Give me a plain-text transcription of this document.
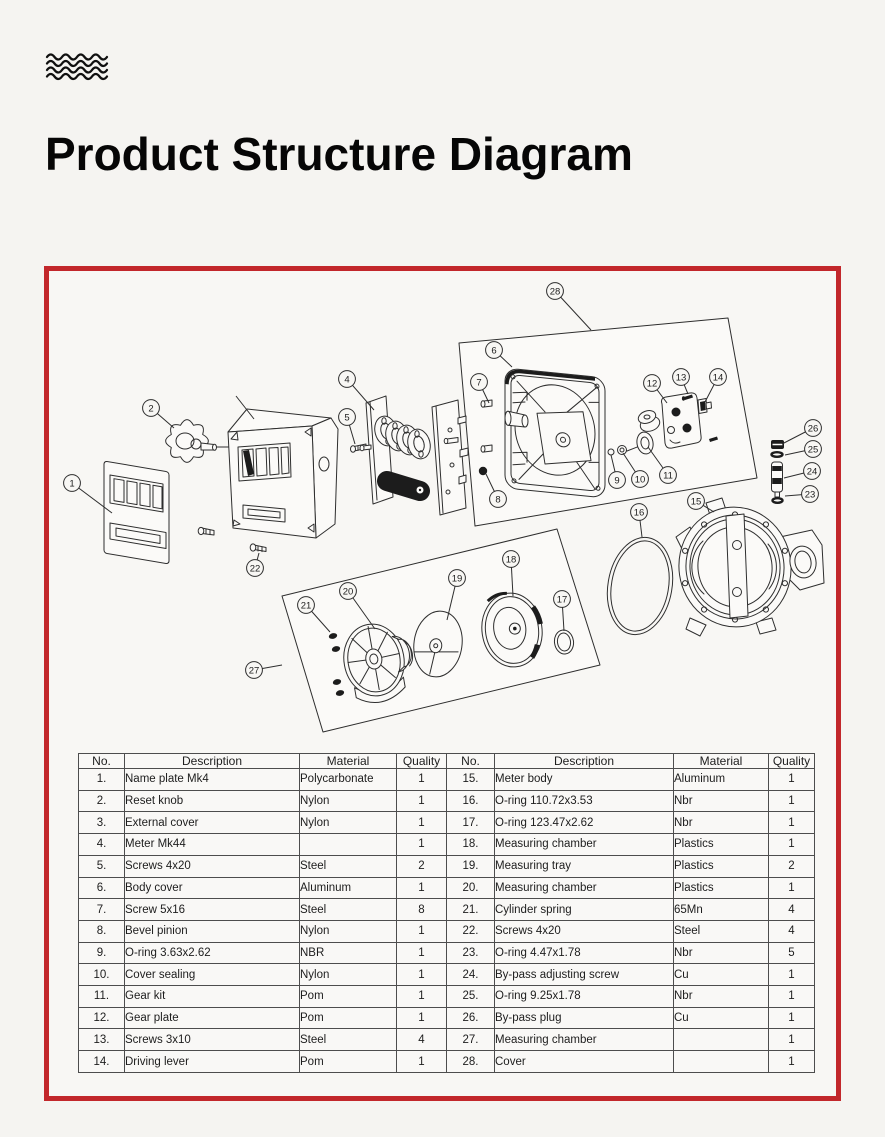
Product Structure Diagram
1
2
4
5
6
7
8
9 10 11
12
13	14
15
16
17
18
19
20
21
22
23
24
25
26
27
28
No.	Description	Material	Quality	No.	Description	Material	Quality
1.	Name plate Mk4	Polycarbonate	1	15.	Meter body	Aluminum	1
2.	Reset knob	Nylon	1	16.	O-ring 110.72x3.53	Nbr	1
3.	External cover	Nylon	1	17.	O-ring 123.47x2.62	Nbr	1
4.	Meter Mk44		1	18.	Measuring chamber	Plastics	1
5.	Screws 4x20	Steel	2	19.	Measuring tray	Plastics	2
6.	Body cover	Aluminum	1	20.	Measuring chamber	Plastics	1
7.	Screw 5x16	Steel	8	21.	Cylinder spring	65Mn	4
8.	Bevel pinion	Nylon	1	22.	Screws 4x20	Steel	4
9.	O-ring 3.63x2.62	NBR	1	23.	O-ring 4.47x1.78	Nbr	5
10.	Cover sealing	Nylon	1	24.	By-pass adjusting screw	Cu	1
11.	Gear kit	Pom	1	25.	O-ring 9.25x1.78	Nbr	1
12.	Gear plate	Pom	1	26.	By-pass plug	Cu	1
13.	Screws 3x10	Steel	4	27.	Measuring chamber		1
14.	Driving lever	Pom	1	28.	Cover		1
